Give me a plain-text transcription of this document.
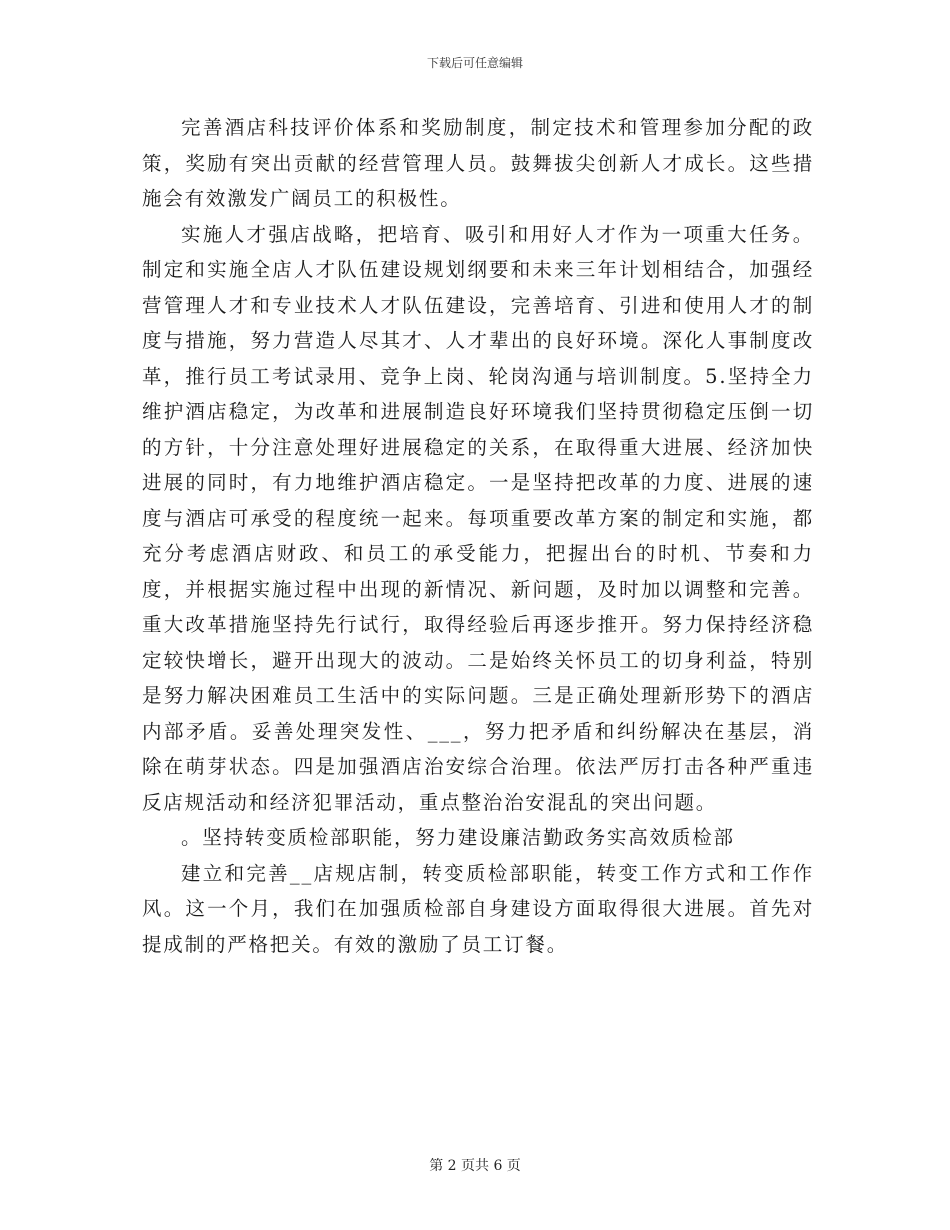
下载后可任意编辑

完善酒店科技评价体系和奖励制度，制定技术和管理参加分配的政策，奖励有突出贡献的经营管理人员。鼓舞拔尖创新人才成长。这些措施会有效激发广阔员工的积极性。

实施人才强店战略，把培育、吸引和用好人才作为一项重大任务。制定和实施全店人才队伍建设规划纲要和未来三年计划相结合，加强经营管理人才和专业技术人才队伍建设，完善培育、引进和使用人才的制度与措施，努力营造人尽其才、人才辈出的良好环境。深化人事制度改革，推行员工考试录用、竞争上岗、轮岗沟通与培训制度。5.坚持全力维护酒店稳定，为改革和进展制造良好环境我们坚持贯彻稳定压倒一切的方针，十分注意处理好进展稳定的关系，在取得重大进展、经济加快进展的同时，有力地维护酒店稳定。一是坚持把改革的力度、进展的速度与酒店可承受的程度统一起来。每项重要改革方案的制定和实施，都充分考虑酒店财政、和员工的承受能力，把握出台的时机、节奏和力度，并根据实施过程中出现的新情况、新问题，及时加以调整和完善。重大改革措施坚持先行试行，取得经验后再逐步推开。努力保持经济稳定较快增长，避开出现大的波动。二是始终关怀员工的切身利益，特别是努力解决困难员工生活中的实际问题。三是正确处理新形势下的酒店内部矛盾。妥善处理突发性、___，努力把矛盾和纠纷解决在基层，消除在萌芽状态。四是加强酒店治安综合治理。依法严厉打击各种严重违反店规活动和经济犯罪活动，重点整治治安混乱的突出问题。

。坚持转变质检部职能，努力建设廉洁勤政务实高效质检部

建立和完善__店规店制，转变质检部职能，转变工作方式和工作作风。这一个月，我们在加强质检部自身建设方面取得很大进展。首先对提成制的严格把关。有效的激励了员工订餐。

第 2 页共 6 页
